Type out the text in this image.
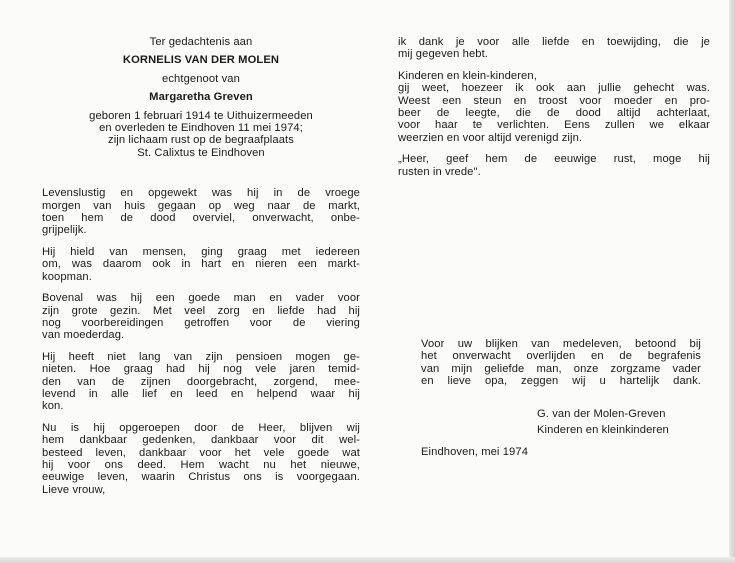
Ter gedachtenis aan

KORNELIS VAN DER MOLEN

echtgenoot van

Margaretha Greven

geboren 1 februari 1914 te Uithuizermeeden

en overleden te Eindhoven 11 mei 1974;

zijn lichaam rust op de begraafplaats

St. Calixtus te Eindhoven

Levenslustig en opgewekt was hij in de vroege
morgen van huis gegaan op weg naar de markt,
toen hem de dood overviel, onverwacht, onbe-
grijpelijk.
Hij hield van mensen, ging graag met iedereen
om, was daarom ook in hart en nieren een markt-
koopman.
Bovenal was hij een goede man en vader voor
zijn grote gezin. Met veel zorg en liefde had hij
nog voorbereidingen getroffen voor de viering
van moederdag.
Hij heeft niet lang van zijn pensioen mogen ge-
nieten. Hoe graag had hij nog vele jaren temid-
den van de zijnen doorgebracht, zorgend, mee-
levend in alle lief en leed en helpend waar hij
kon.
Nu is hij opgeroepen door de Heer, blijven wij
hem dankbaar gedenken, dankbaar voor dit wel-
besteed leven, dankbaar voor het vele goede wat
hij voor ons deed. Hem wacht nu het nieuwe,
eeuwige leven, waarin Christus ons is voorgegaan.
Lieve vrouw,
ik dank je voor alle liefde en toewijding, die je
mij gegeven hebt.
Kinderen en klein-kinderen,
gij weet, hoezeer ik ook aan jullie gehecht was.
Weest een steun en troost voor moeder en pro-
beer de leegte, die de dood altijd achterlaat,
voor haar te verlichten. Eens zullen we elkaar
weerzien en voor altijd verenigd zijn.
„Heer, geef hem de eeuwige rust, moge hij
rusten in vrede".
Voor uw blijken van medeleven, betoond bij
het onverwacht overlijden en de begrafenis
van mijn geliefde man, onze zorgzame vader
en lieve opa, zeggen wij u hartelijk dank.
G. van der Molen-Greven
Kinderen en kleinkinderen
Eindhoven, mei 1974
